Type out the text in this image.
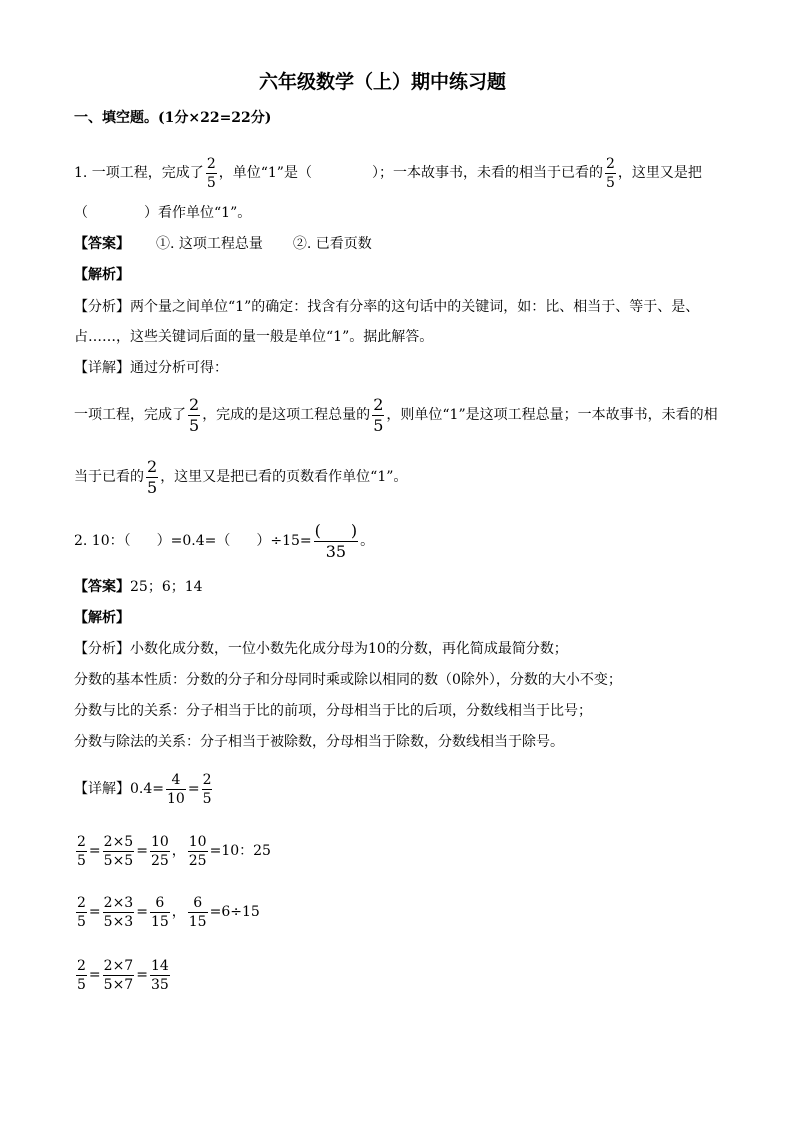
六年级数学（上）期中练习题
一、填空题。(1分×22=22分)
1. 一项工程，完成了 $\frac{2}{5}$ ，单位“1”是（	）；一本故事书，未看的相当于已看的 $\frac{2}{5}$ ，这里又是把
（	）看作单位“1”。
【答案】 ①. 这项工程总量 ②. 已看页数
【解析】
【分析】两个量之间单位“1”的确定：找含有分率的这句话中的关键词，如：比、相当于、等于、是、
占……，这些关键词后面的量一般是单位“1”。据此解答。
【详解】通过分析可得：
一项工程，完成了 $\frac{2}{5}$ ，完成的是这项工程总量的 $\frac{2}{5}$ ，则单位“1”是这项工程总量；一本故事书，未看的相
当于已看的 $\frac{2}{5}$ ，这里又是把已看的页数看作单位“1”。
2. 10：（ ）=0.4=（ ）$\div 15= \frac{( )}{35}$ 。
【答案】25；6；14
【解析】
【分析】小数化成分数，一位小数先化成分母为10的分数，再化简成最简分数；
分数的基本性质：分数的分子和分母同时乘或除以相同的数（0除外），分数的大小不变；
分数与比的关系：分子相当于比的前项，分母相当于比的后项，分数线相当于比号；
分数与除法的关系：分子相当于被除数，分母相当于除数，分数线相当于除号。
【详解】$0.4= \frac{4}{10} = \frac{2}{5}$
$\frac{2}{5} = \frac{2\times 5}{5\times 5} = \frac{10}{25}$ ， $\frac{10}{25} =10$：25
$\frac{2}{5} = \frac{2\times 3}{5\times 3} = \frac{6}{15}$ ， $\frac{6}{15} =6\div 15$
$\frac{2}{5} = \frac{2\times 7}{5\times 7} = \frac{14}{35}$
